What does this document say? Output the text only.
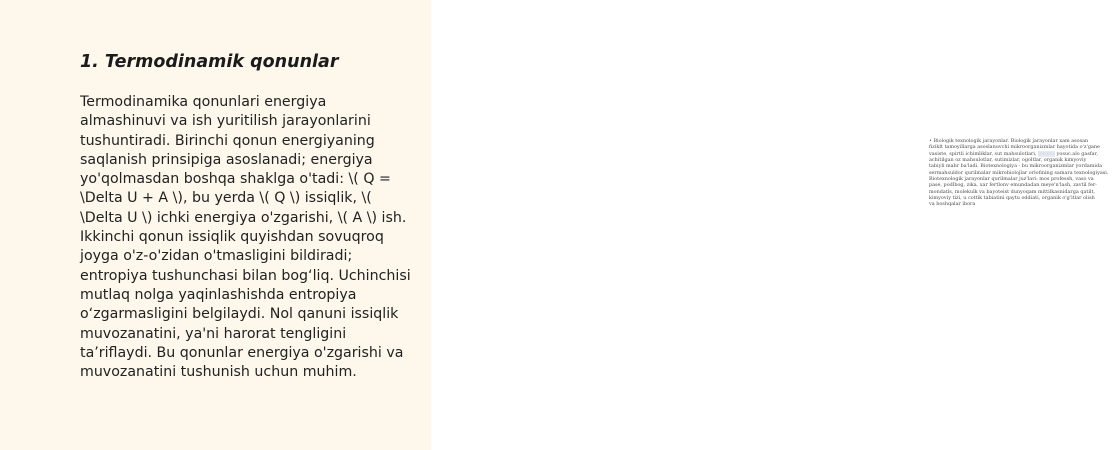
1. Termodinamik qonunlar

Termodinamika qonunlari energiya almashinuvi va ish yuritilish jarayonlarini tushuntiradi. Birinchi qonun energiyaning saqlanish prinsipiga asoslanadi; energiya yo'qolmasdan boshqa shaklga o'tadi: \( Q = \Delta U + A \), bu yerda \( Q \) issiqlik, \( \Delta U \) ichki energiya o'zgarishi, \( A \) ish. Ikkinchi qonun issiqlik quyishdan sovuqroq joyga o'z-o'zidan o'tmasligini bildiradi; entropiya tushunchasi bilan bog‘liq. Uchinchisi mutlaq nolga yaqinlashishda entropiya o‘zgarmasligini belgilaydi. Nol qanuni issiqlik muvozanatini, ya'ni harorat tengligini ta’riflaydi. Bu qonunlar energiya o'zgarishi va muvozanatini tushunish uchun muhim.

• Biologik texnologik jarayonlar. Biologik jarayonlar xam asosan
fiziklt tamoyillarga asoslanuvchi mikroorganizmlar hayotida o'z'gane
vasiste, spirtli ichimliklar, sut mahsulotlari, lonaris yosuc.alo gasfar,
achitilgan oz mahsulotlar, sutimizlar, ogoltlar, organik kimyoviy
tabiyli mahr ba'ladi. Biotexnologiya - bu mikroorganizmlar yordamida
sermahsuldor qurilmalar mikrobiolojlar orlofining samara texnologiyasi.
Biotexnologik jarayonlar qurilmalar juz'lari: mos professh, vaso va
pase, podlbog, zika, xar fertlonv emundadan meye'n'lash, zavtil fer-
mondatls, molekulk va bayoteist dunyoqam mittilkasnidarga qatilt,
kimyoviy tizi, u cottik tabiatini qaytu oddiati, organik o'g'itlar olish
va boshqalar ibora
